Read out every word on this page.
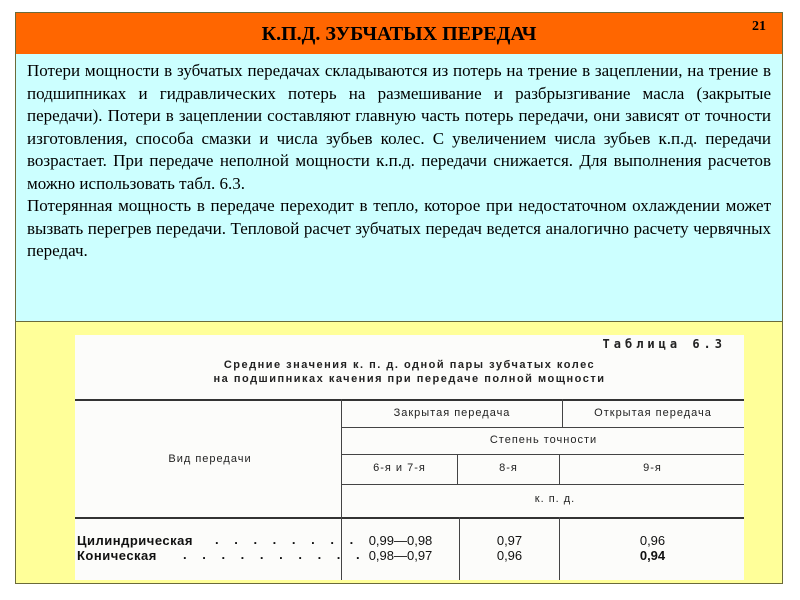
К.П.Д. ЗУБЧАТЫХ ПЕРЕДАЧ	21

Потери мощности в зубчатых передачах складываются из потерь на трение в зацеплении, на трение в подшипниках и гидравлических потерь на размешивание и разбрызгивание масла (закрытые передачи). Потери в зацеплении составляют главную часть потерь передачи, они зависят от точности изготовления, способа смазки и числа зубьев колес. С увеличением числа зубьев к.п.д. передачи возрастает. При передаче неполной мощности к.п.д. передачи снижается. Для выполнения расчетов можно использовать табл. 6.3.

Потерянная мощность в передаче переходит в тепло, которое при недостаточном охлаждении может вызвать перегрев передачи. Тепловой расчет зубчатых передач ведется аналогично расчету червячных передач.

Таблица 6.3
Средние значения к. п. д. одной пары зубчатых колес
на подшипниках качения при передаче полной мощности
Вид передачи
Закрытая передача	Открытая передача
Степень точности
6-я и 7-я	8-я	9-я
к. п. д.
Цилиндрическая . . . . . . . . 0,99—0,98	0,97	0,96
Коническая . . . . . . . . . . 0,98—0,97	0,96	0,94
